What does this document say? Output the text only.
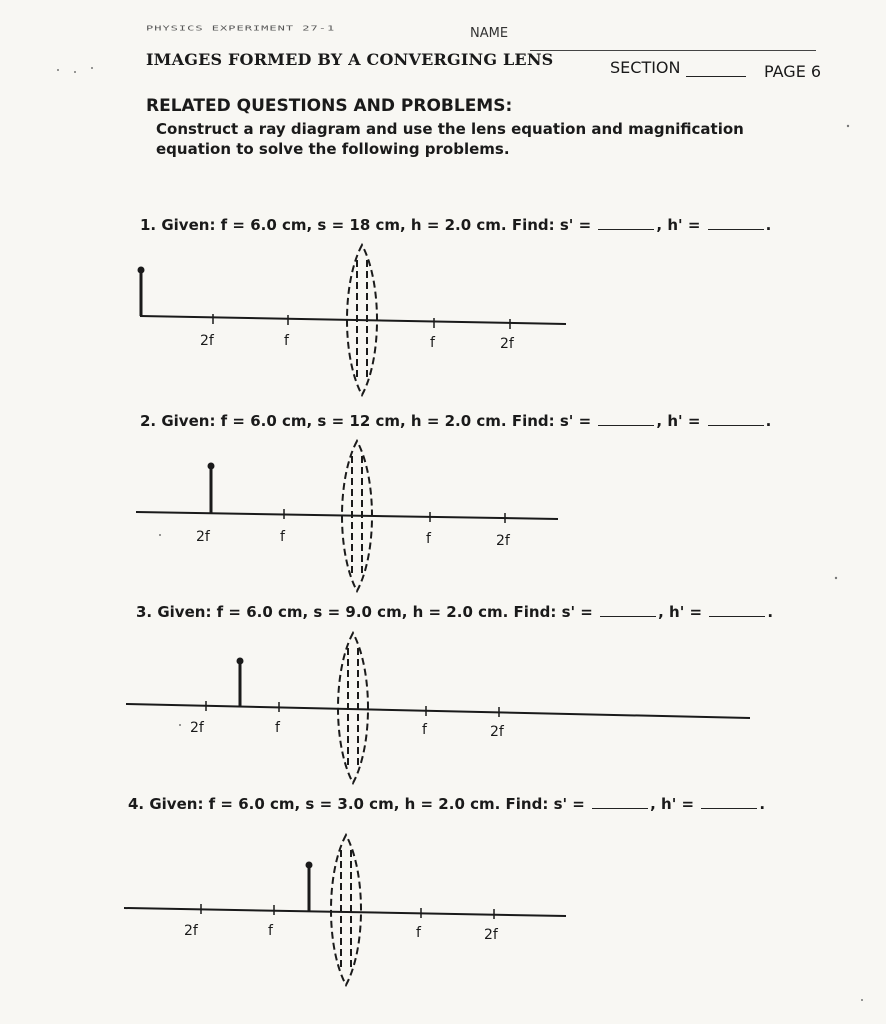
PHYSICS EXPERIMENT 27-1	NAME
IMAGES FORMED BY A CONVERGING LENS	SECTION	PAGE 6
RELATED QUESTIONS AND PROBLEMS:
Construct a ray diagram and use the lens equation and magnification equation to solve the following problems.
1. Given: f = 6.0 cm, s = 18 cm, h = 2.0 cm. Find: s' =	, h' =	.
2. Given: f = 6.0 cm, s = 12 cm, h = 2.0 cm. Find: s' =	, h' =	.
3. Given: f = 6.0 cm, s = 9.0 cm, h = 2.0 cm. Find: s' =	, h' =	.
4. Given: f = 6.0 cm, s = 3.0 cm, h = 2.0 cm. Find: s' =	, h' =	.
2f	f	f	2f
2f	f	f	2f
2f	f	f	2f
2f	f	f	2f
